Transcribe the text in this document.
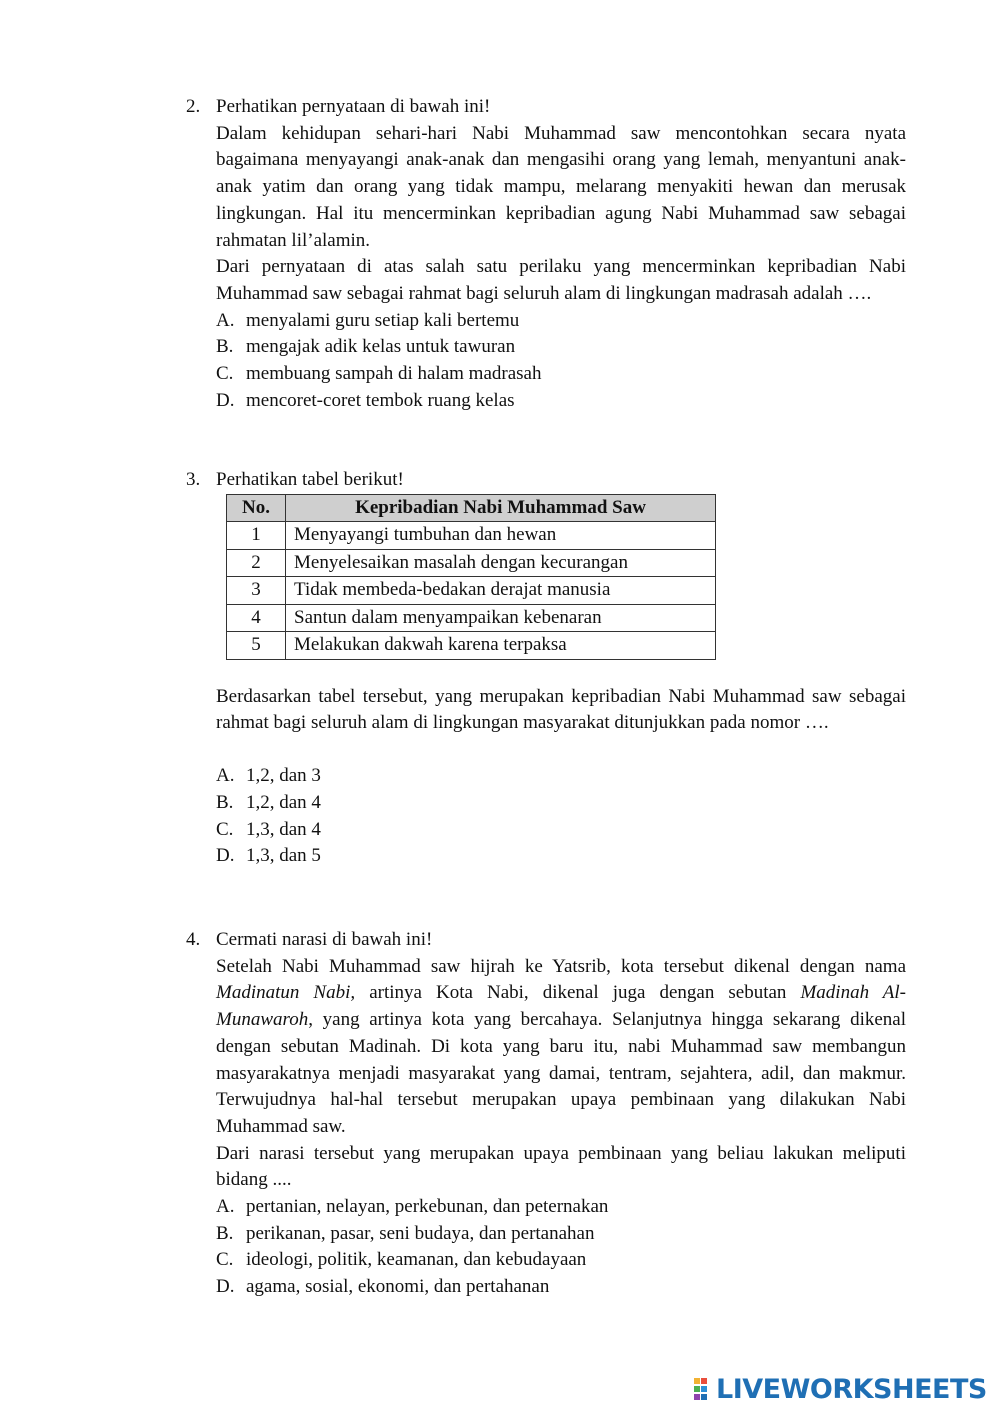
2. Perhatikan pernyataan di bawah ini!

Dalam kehidupan sehari-hari Nabi Muhammad saw mencontohkan secara nyata bagaimana menyayangi anak-anak dan mengasihi orang yang lemah, menyantuni anak-anak yatim dan orang yang tidak mampu, melarang menyakiti hewan dan merusak lingkungan. Hal itu mencerminkan kepribadian agung Nabi Muhammad saw sebagai rahmatan lil’alamin.

Dari pernyataan di atas salah satu perilaku yang mencerminkan kepribadian Nabi Muhammad saw sebagai rahmat bagi seluruh alam di lingkungan madrasah adalah ….

A. menyalami guru setiap kali bertemu
B. mengajak adik kelas untuk tawuran
C. membuang sampah di halam madrasah
D. mencoret-coret tembok ruang kelas
3. Perhatikan tabel berikut!

No.	Kepribadian Nabi Muhammad Saw
1	Menyayangi tumbuhan dan hewan
2	Menyelesaikan masalah dengan kecurangan
3	Tidak membeda-bedakan derajat manusia
4	Santun dalam menyampaikan kebenaran
5	Melakukan dakwah karena terpaksa

Berdasarkan tabel tersebut, yang merupakan kepribadian Nabi Muhammad saw sebagai rahmat bagi seluruh alam di lingkungan masyarakat ditunjukkan pada nomor ….

A. 1,2, dan 3
B. 1,2, dan 4
C. 1,3, dan 4
D. 1,3, dan 5
4. Cermati narasi di bawah ini!

Setelah Nabi Muhammad saw hijrah ke Yatsrib, kota tersebut dikenal dengan nama Madinatun Nabi, artinya Kota Nabi, dikenal juga dengan sebutan Madinah Al-Munawaroh, yang artinya kota yang bercahaya. Selanjutnya hingga sekarang dikenal dengan sebutan Madinah. Di kota yang baru itu, nabi Muhammad saw membangun masyarakatnya menjadi masyarakat yang damai, tentram, sejahtera, adil, dan makmur. Terwujudnya hal-hal tersebut merupakan upaya pembinaan yang dilakukan Nabi Muhammad saw.

Dari narasi tersebut yang merupakan upaya pembinaan yang beliau lakukan meliputi bidang ....

A. pertanian, nelayan, perkebunan, dan peternakan
B. perikanan, pasar, seni budaya, dan pertanahan
C. ideologi, politik, keamanan, dan kebudayaan
D. agama, sosial, ekonomi, dan pertahanan
LIVEWORKSHEETS
